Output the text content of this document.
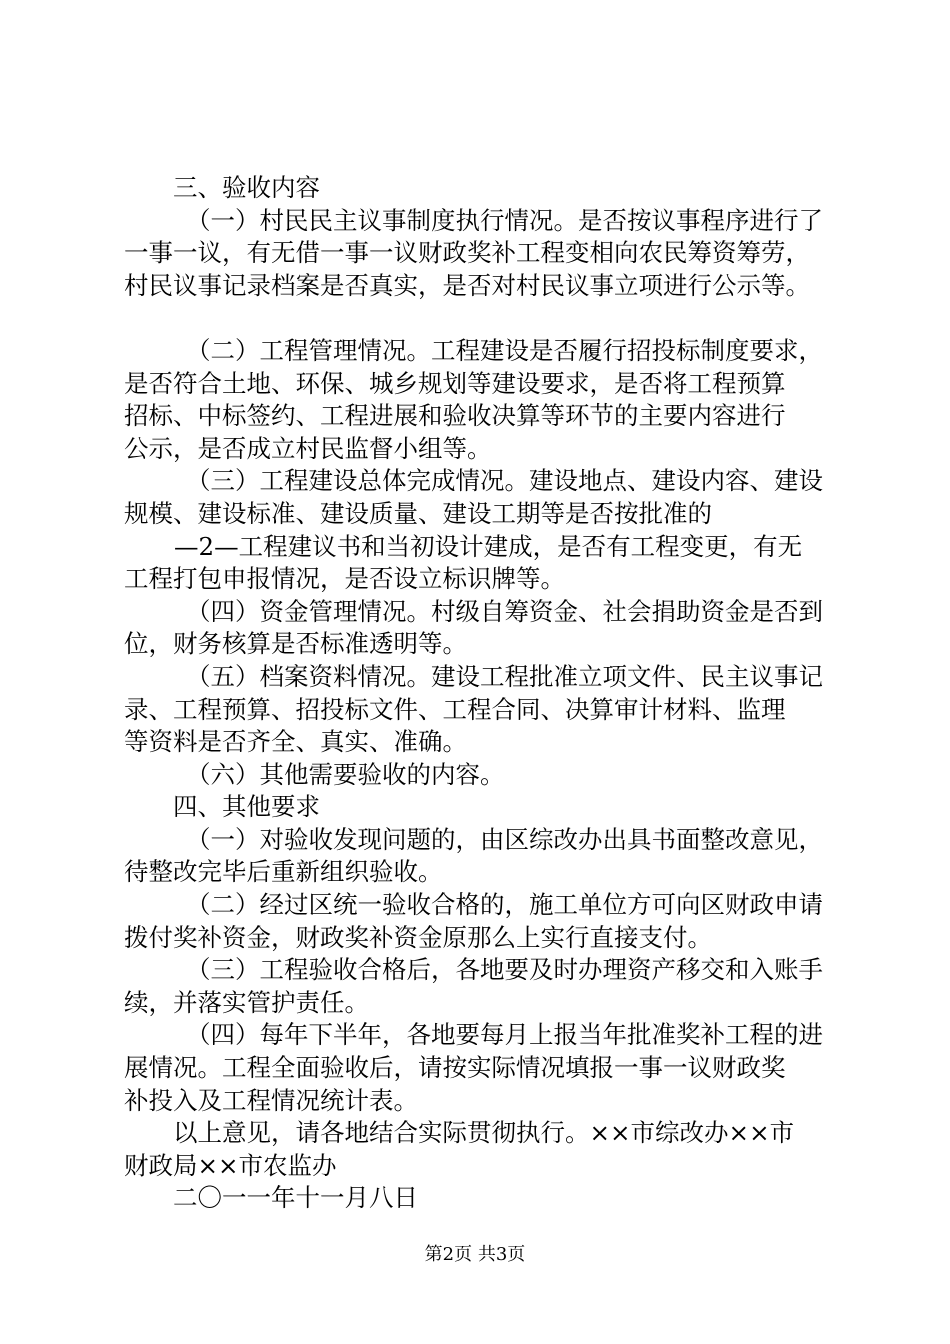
三、验收内容
（一）村民民主议事制度执行情况。是否按议事程序进行了
一事一议，有无借一事一议财政奖补工程变相向农民筹资筹劳，
村民议事记录档案是否真实，是否对村民议事立项进行公示等。
（二）工程管理情况。工程建设是否履行招投标制度要求，
是否符合土地、环保、城乡规划等建设要求，是否将工程预算
招标、中标签约、工程进展和验收决算等环节的主要内容进行
公示，是否成立村民监督小组等。
（三）工程建设总体完成情况。建设地点、建设内容、建设
规模、建设标准、建设质量、建设工期等是否按批准的
—2—工程建议书和当初设计建成，是否有工程变更，有无
工程打包申报情况，是否设立标识牌等。
（四）资金管理情况。村级自筹资金、社会捐助资金是否到
位，财务核算是否标准透明等。
（五）档案资料情况。建设工程批准立项文件、民主议事记
录、工程预算、招投标文件、工程合同、决算审计材料、监理
等资料是否齐全、真实、准确。
（六）其他需要验收的内容。
四、其他要求
（一）对验收发现问题的，由区综改办出具书面整改意见，
待整改完毕后重新组织验收。
（二）经过区统一验收合格的，施工单位方可向区财政申请
拨付奖补资金，财政奖补资金原那么上实行直接支付。
（三）工程验收合格后，各地要及时办理资产移交和入账手
续，并落实管护责任。
（四）每年下半年，各地要每月上报当年批准奖补工程的进
展情况。工程全面验收后，请按实际情况填报一事一议财政奖
补投入及工程情况统计表。
以上意见，请各地结合实际贯彻执行。××市综改办××市
财政局××市农监办
二〇一一年十一月八日
第2页 共3页
